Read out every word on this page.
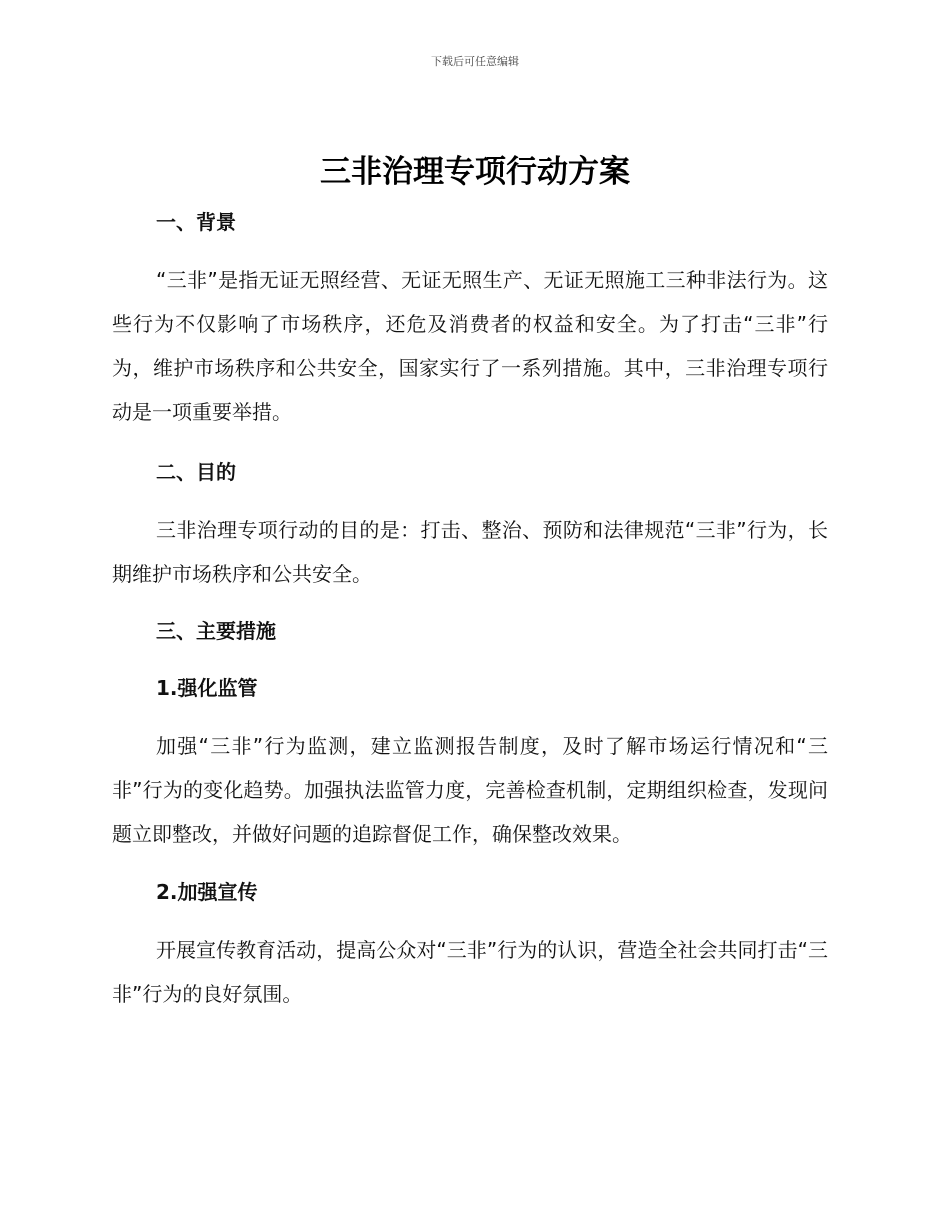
下载后可任意编辑
三非治理专项行动方案
一、背景

“三非”是指无证无照经营、无证无照生产、无证无照施工三种非法行为。这些行为不仅影响了市场秩序，还危及消费者的权益和安全。为了打击“三非”行为，维护市场秩序和公共安全，国家实行了一系列措施。其中，三非治理专项行动是一项重要举措。

二、目的

三非治理专项行动的目的是：打击、整治、预防和法律规范“三非”行为，长期维护市场秩序和公共安全。

三、主要措施
1.强化监管

加强“三非”行为监测，建立监测报告制度，及时了解市场运行情况和“三非”行为的变化趋势。加强执法监管力度，完善检查机制，定期组织检查，发现问题立即整改，并做好问题的追踪督促工作，确保整改效果。

2.加强宣传

开展宣传教育活动，提高公众对“三非”行为的认识，营造全社会共同打击“三非”行为的良好氛围。
